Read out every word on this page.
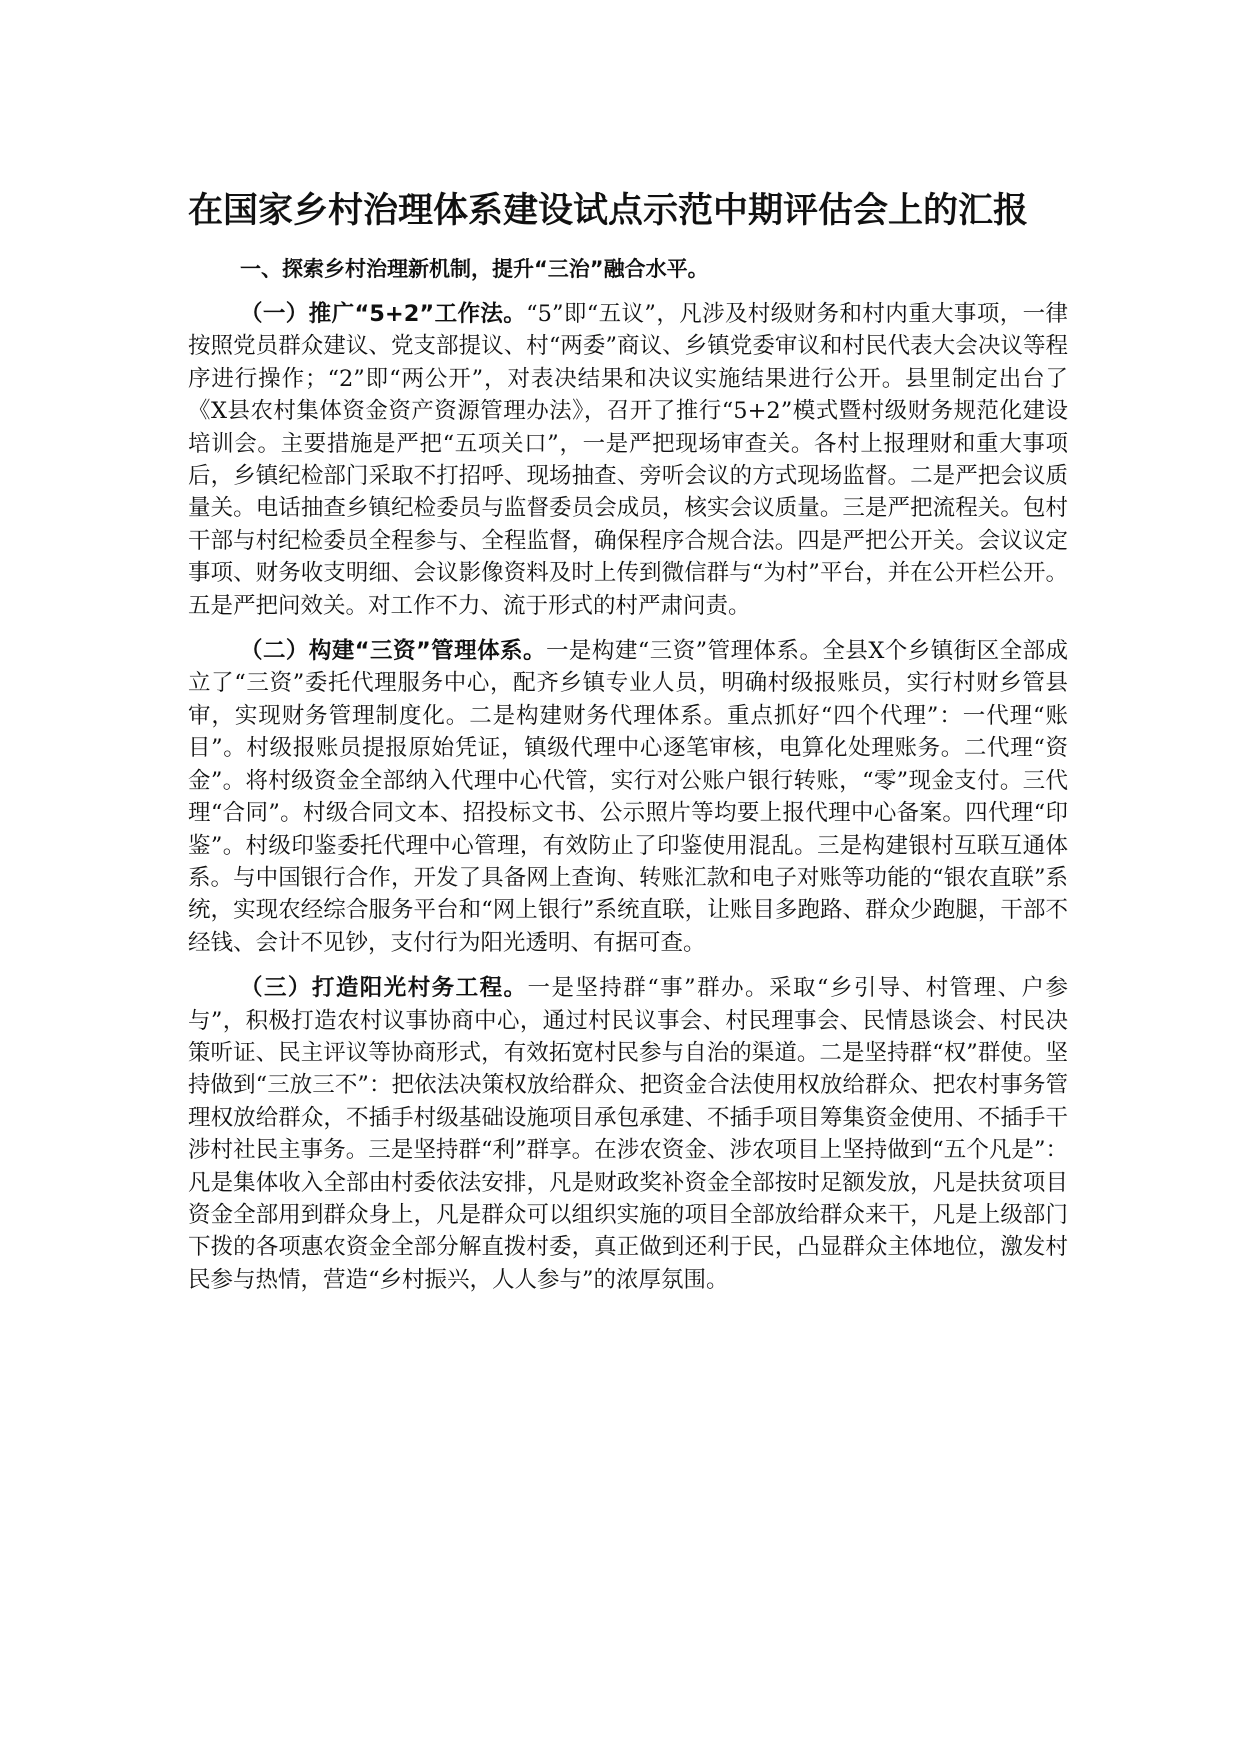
在国家乡村治理体系建设试点示范中期评估会上的汇报

一、探索乡村治理新机制，提升“三治”融合水平。

（一）推广“5+2”工作法。“5”即“五议”，凡涉及村级财务和村内重大事项，一律按照党员群众建议、党支部提议、村“两委”商议、乡镇党委审议和村民代表大会决议等程序进行操作；“2”即“两公开”，对表决结果和决议实施结果进行公开。县里制定出台了《X县农村集体资金资产资源管理办法》，召开了推行“5+2”模式暨村级财务规范化建设培训会。主要措施是严把“五项关口”，一是严把现场审查关。各村上报理财和重大事项后，乡镇纪检部门采取不打招呼、现场抽查、旁听会议的方式现场监督。二是严把会议质量关。电话抽查乡镇纪检委员与监督委员会成员，核实会议质量。三是严把流程关。包村干部与村纪检委员全程参与、全程监督，确保程序合规合法。四是严把公开关。会议议定事项、财务收支明细、会议影像资料及时上传到微信群与“为村”平台，并在公开栏公开。五是严把问效关。对工作不力、流于形式的村严肃问责。

（二）构建“三资”管理体系。一是构建“三资”管理体系。全县X个乡镇街区全部成立了“三资”委托代理服务中心，配齐乡镇专业人员，明确村级报账员，实行村财乡管县审，实现财务管理制度化。二是构建财务代理体系。重点抓好“四个代理”：一代理“账目”。村级报账员提报原始凭证，镇级代理中心逐笔审核，电算化处理账务。二代理“资金”。将村级资金全部纳入代理中心代管，实行对公账户银行转账，“零”现金支付。三代理“合同”。村级合同文本、招投标文书、公示照片等均要上报代理中心备案。四代理“印鉴”。村级印鉴委托代理中心管理，有效防止了印鉴使用混乱。三是构建银村互联互通体系。与中国银行合作，开发了具备网上查询、转账汇款和电子对账等功能的“银农直联”系统，实现农经综合服务平台和“网上银行”系统直联，让账目多跑路、群众少跑腿，干部不经钱、会计不见钞，支付行为阳光透明、有据可查。

（三）打造阳光村务工程。一是坚持群“事”群办。采取“乡引导、村管理、户参与”，积极打造农村议事协商中心，通过村民议事会、村民理事会、民情恳谈会、村民决策听证、民主评议等协商形式，有效拓宽村民参与自治的渠道。二是坚持群“权”群使。坚持做到“三放三不”：把依法决策权放给群众、把资金合法使用权放给群众、把农村事务管理权放给群众，不插手村级基础设施项目承包承建、不插手项目筹集资金使用、不插手干涉村社民主事务。三是坚持群“利”群享。在涉农资金、涉农项目上坚持做到“五个凡是”：凡是集体收入全部由村委依法安排，凡是财政奖补资金全部按时足额发放，凡是扶贫项目资金全部用到群众身上，凡是群众可以组织实施的项目全部放给群众来干，凡是上级部门下拨的各项惠农资金全部分解直拨村委，真正做到还利于民，凸显群众主体地位，激发村民参与热情，营造“乡村振兴，人人参与”的浓厚氛围。
